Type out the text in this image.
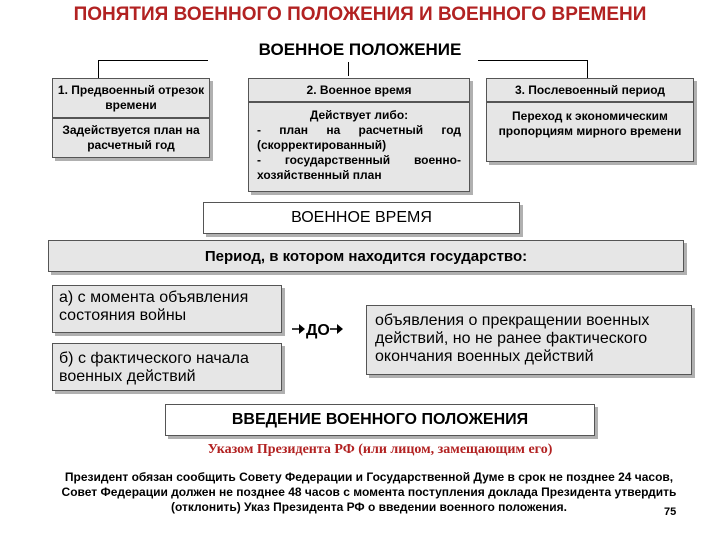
ПОНЯТИЯ ВОЕННОГО ПОЛОЖЕНИЯ И ВОЕННОГО ВРЕМЕНИ
ВОЕННОЕ ПОЛОЖЕНИЕ
1. Предвоенный отрезок времени
Задействуется план на расчетный год
2. Военное время
Действует либо:
- план на расчетный год (скорректированный)
- государственный военно-хозяйственный план
3. Послевоенный период
Переход к экономическим пропорциям мирного времени
ВОЕННОЕ ВРЕМЯ
Период, в котором находится государство:
а) с момента объявления состояния войны
б) с фактического начала военных действий
ДО
объявления о прекращении военных действий, но не ранее фактического окончания военных действий
ВВЕДЕНИЕ ВОЕННОГО ПОЛОЖЕНИЯ
Указом Президента РФ (или лицом, замещающим его)
Президент обязан сообщить Совету Федерации и Государственной Думе в срок не позднее 24 часов, Совет Федерации должен не позднее 48 часов с момента поступления доклада Президента утвердить (отклонить) Указ Президента РФ о введении военного положения.	75
